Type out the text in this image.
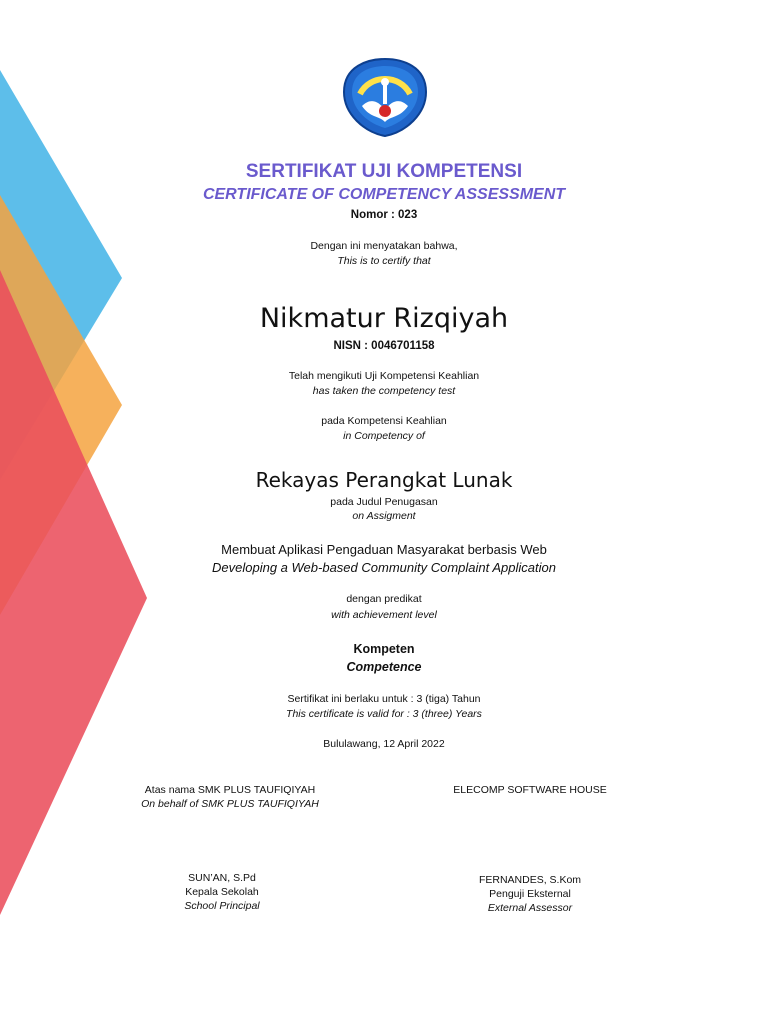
SERTIFIKAT UJI KOMPETENSI
CERTIFICATE OF COMPETENCY ASSESSMENT
Nomor : 023
Dengan ini menyatakan bahwa,
This is to certify that
Nikmatur Rizqiyah
NISN : 0046701158
Telah mengikuti Uji Kompetensi Keahlian
has taken the competency test
pada Kompetensi Keahlian
in Competency of
Rekayas Perangkat Lunak
pada Judul Penugasan
on Assigment
Membuat Aplikasi Pengaduan Masyarakat berbasis Web
Developing a Web-based Community Complaint Application
dengan predikat
with achievement level
Kompeten
Competence
Sertifikat ini berlaku untuk : 3 (tiga) Tahun
This certificate is valid for : 3 (three) Years
Bululawang, 12 April 2022
Atas nama SMK PLUS TAUFIQIYAH
On behalf of SMK PLUS TAUFIQIYAH
SUN’AN, S.Pd
Kepala Sekolah
School Principal
ELECOMP SOFTWARE HOUSE
FERNANDES, S.Kom
Penguji Eksternal
External Assessor
